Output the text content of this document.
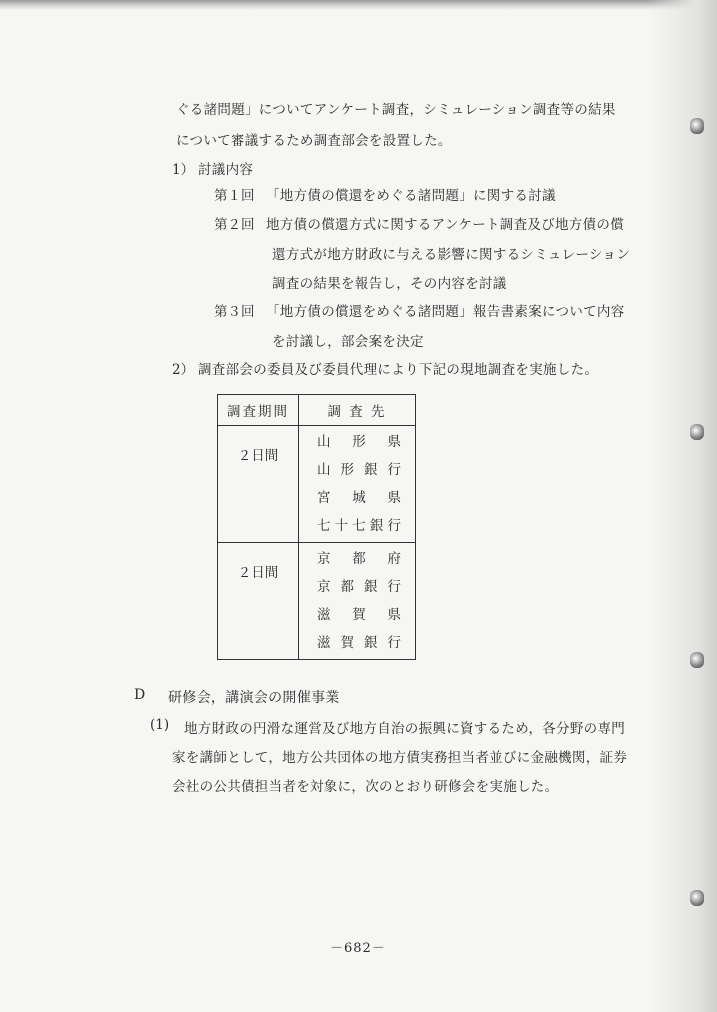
ぐる諸問題」についてアンケート調査，シミュレーション調査等の結果
について審議するため調査部会を設置した。
1） 討議内容
第１回 「地方債の償還をめぐる諸問題」に関する討議
第２回 地方債の償還方式に関するアンケート調査及び地方債の償
還方式が地方財政に与える影響に関するシミュレーション
調査の結果を報告し，その内容を討議
第３回 「地方債の償還をめぐる諸問題」報告書素案について内容
を討議し，部会案を決定
2） 調査部会の委員及び委員代理により下記の現地調査を実施した。
調査期間	調 査 先
２日間	山形県
山形銀行
宮城県
七十七銀行

２日間	京都府
京都銀行
滋賀県
滋賀銀行
D 研修会，講演会の開催事業
(1) 地方財政の円滑な運営及び地方自治の振興に資するため，各分野の専門
家を講師として，地方公共団体の地方債実務担当者並びに金融機関，証券
会社の公共債担当者を対象に，次のとおり研修会を実施した。
－682－
